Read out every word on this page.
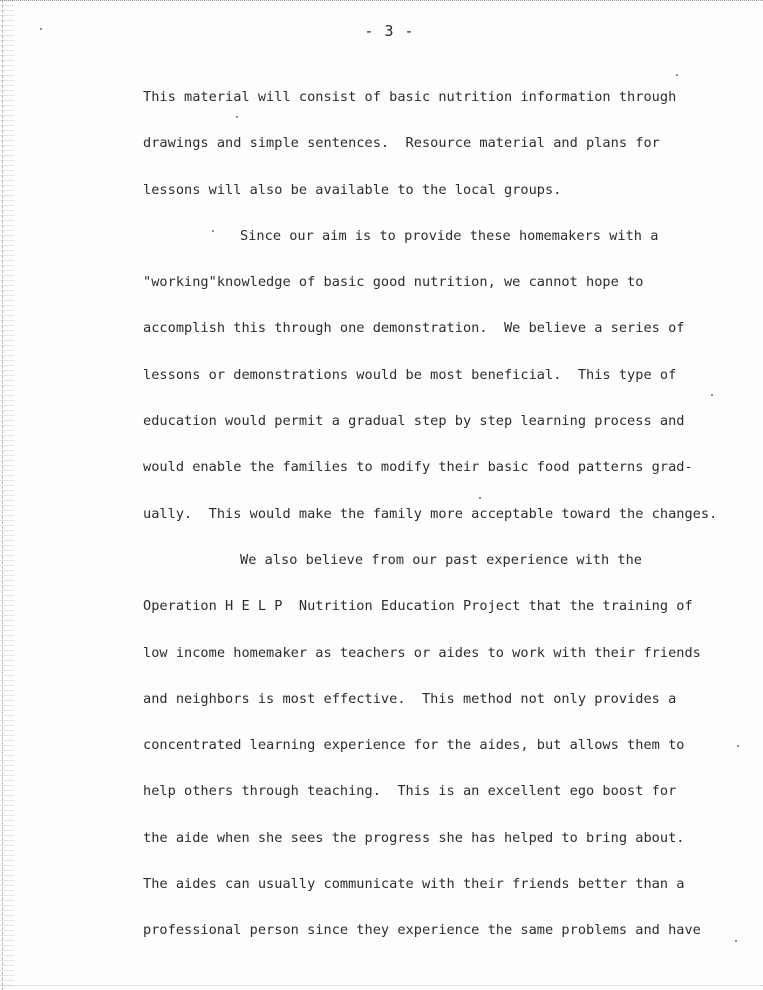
- 3 -
This material will consist of basic nutrition information through
drawings and simple sentences.  Resource material and plans for
lessons will also be available to the local groups.
Since our aim is to provide these homemakers with a
"working"knowledge of basic good nutrition, we cannot hope to
accomplish this through one demonstration.  We believe a series of
lessons or demonstrations would be most beneficial.  This type of
education would permit a gradual step by step learning process and
would enable the families to modify their basic food patterns grad-
ually.  This would make the family more acceptable toward the changes.
We also believe from our past experience with the
Operation H E L P  Nutrition Education Project that the training of
low income homemaker as teachers or aides to work with their friends
and neighbors is most effective.  This method not only provides a
concentrated learning experience for the aides, but allows them to
help others through teaching.  This is an excellent ego boost for
the aide when she sees the progress she has helped to bring about.
The aides can usually communicate with their friends better than a
professional person since they experience the same problems and have
